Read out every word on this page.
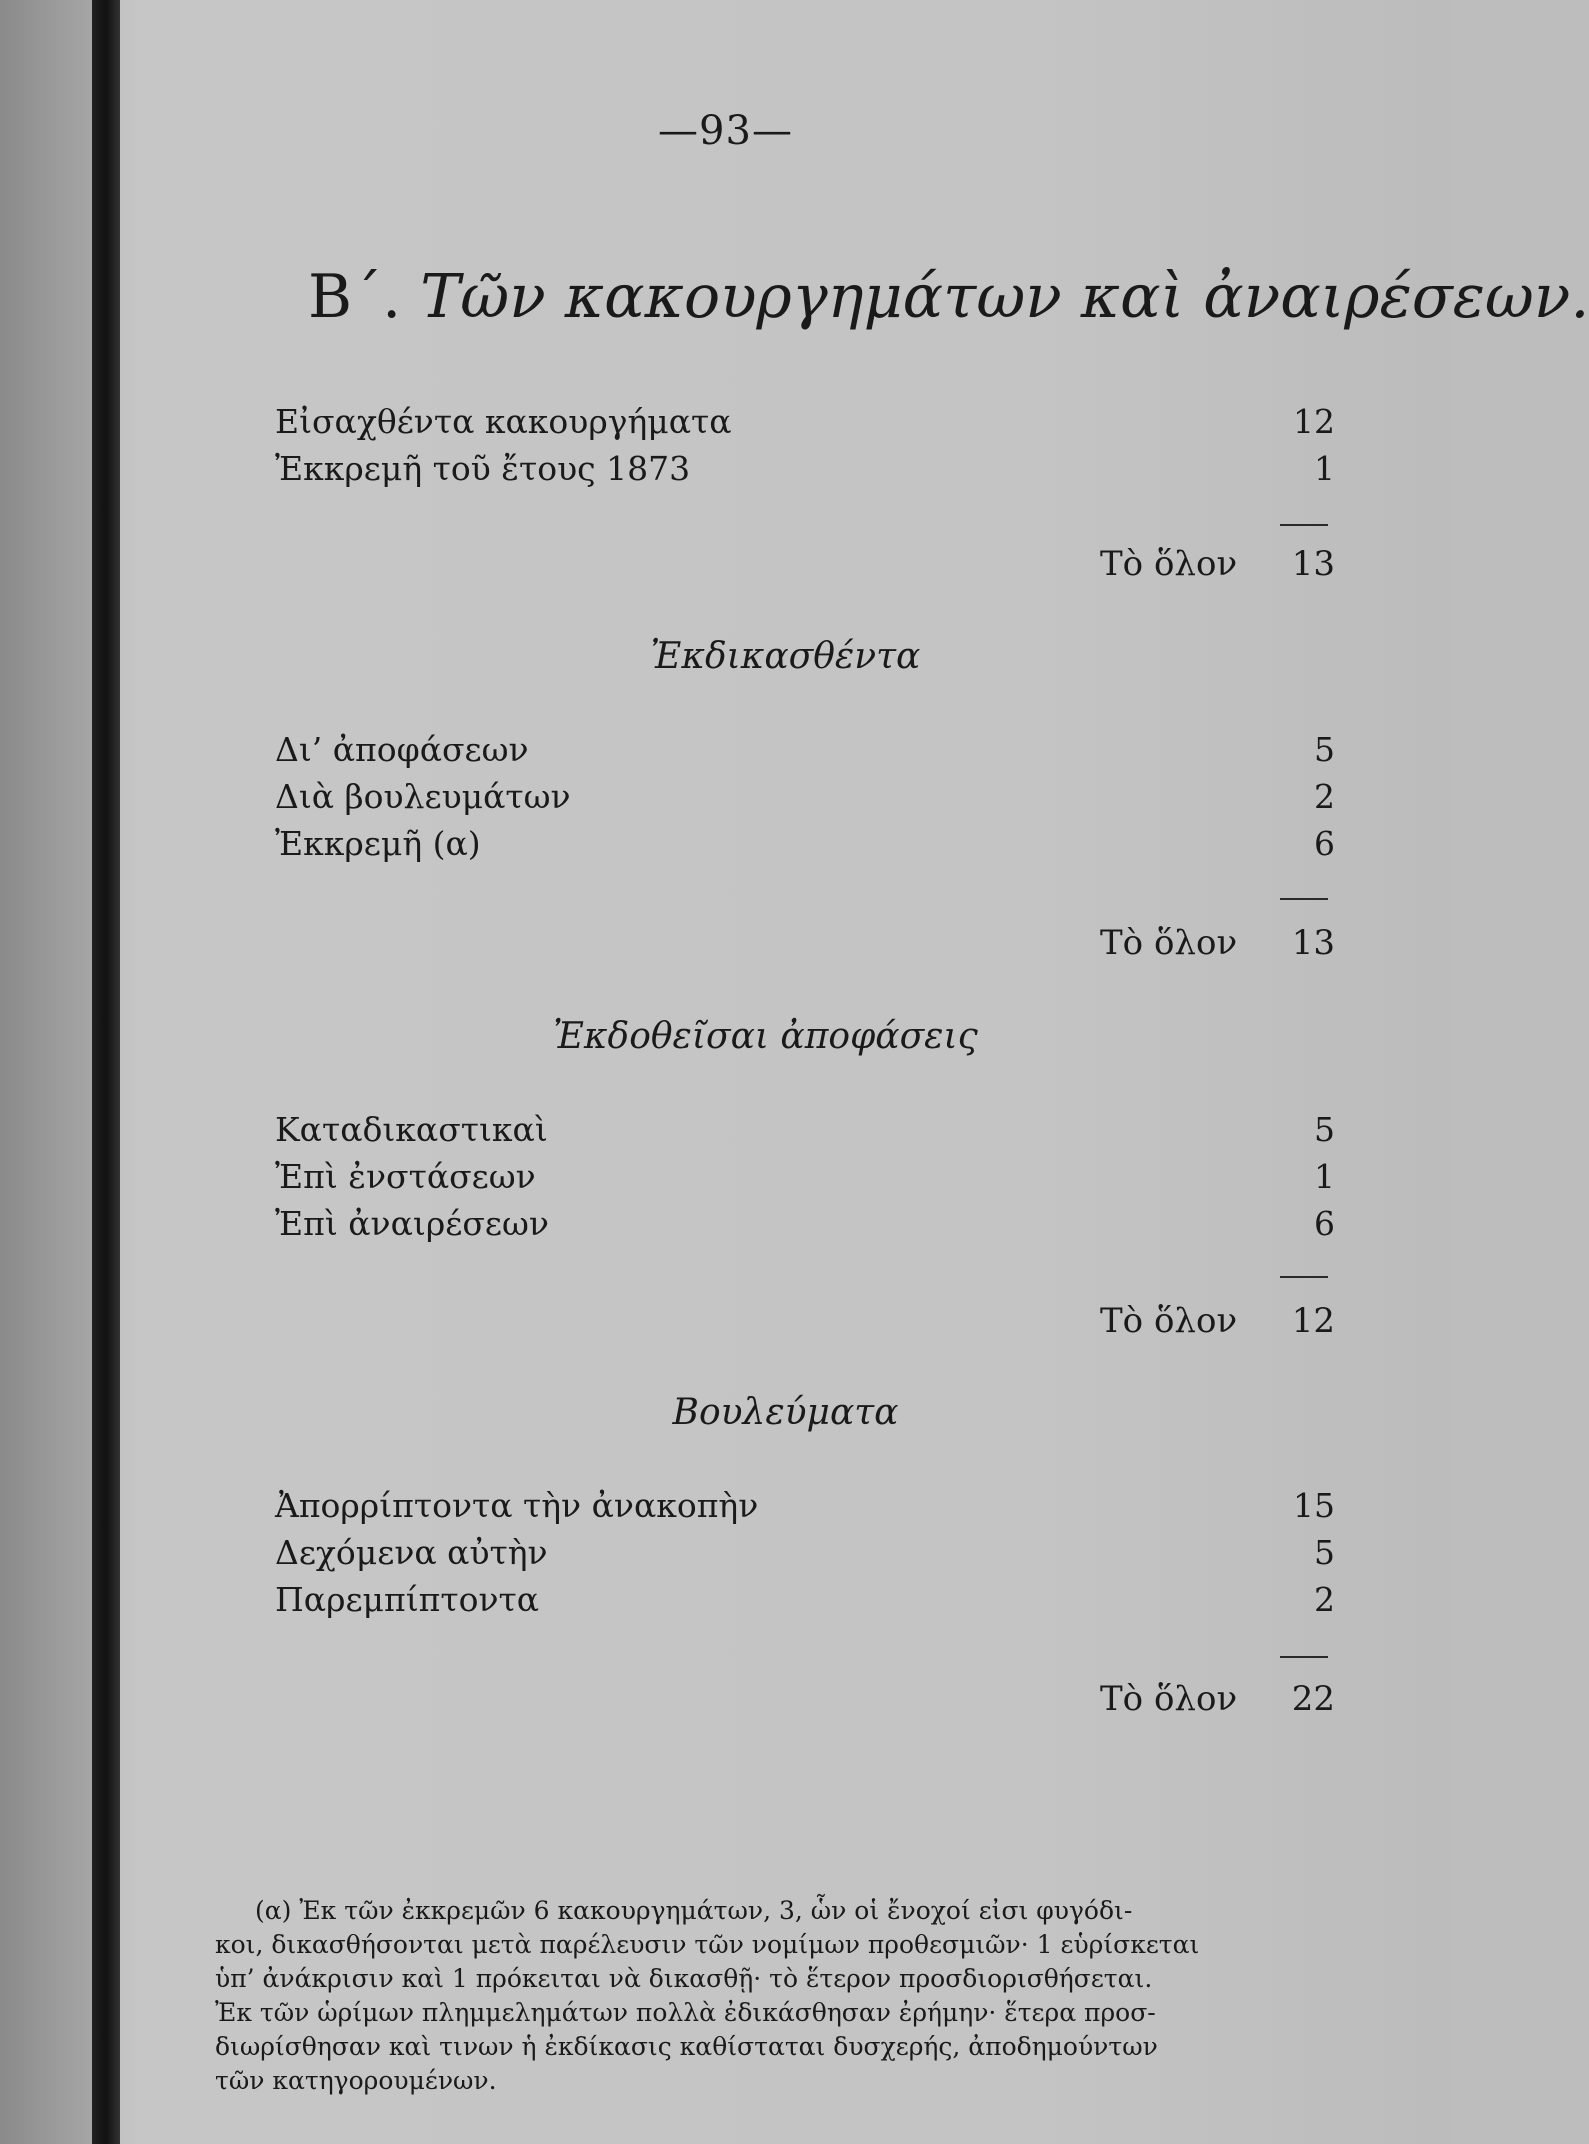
—93—
B΄. Τῶν κακουργημάτων καὶ ἀναιρέσεων.
Εἰσαχθέντα κακουργήματα	12
Ἐκκρεμῆ τοῦ ἔτους 1873	1
Τὸ ὅλον 13
Ἐκδικασθέντα
Δι’ ἀποφάσεων	5
Διὰ βουλευμάτων	2
Ἐκκρεμῆ (α)	6
Τὸ ὅλον 13
Ἐκδοθεῖσαι ἀποφάσεις
Καταδικαστικαὶ	5
Ἐπὶ ἐνστάσεων	1
Ἐπὶ ἀναιρέσεων	6
Τὸ ὅλον 12
Βουλεύματα
Ἀπορρίπτοντα τὴν ἀνακοπὴν	15
Δεχόμενα αὐτὴν	5
Παρεμπίπτοντα	2
Τὸ ὅλον 22
(α) Ἐκ τῶν ἐκκρεμῶν 6 κακουργημάτων, 3, ὧν οἱ ἔνοχοί εἰσι φυγόδι-
κοι, δικασθήσονται μετὰ παρέλευσιν τῶν νομίμων προθεσμιῶν· 1 εὑρίσκεται
ὑπ’ ἀνάκρισιν καὶ 1 πρόκειται νὰ δικασθῇ· τὸ ἕτερον προσδιορισθήσεται.
Ἐκ τῶν ὡρίμων πλημμελημάτων πολλὰ ἐδικάσθησαν ἐρήμην· ἕτερα προσ-
διωρίσθησαν καὶ τινων ἡ ἐκδίκασις καθίσταται δυσχερής, ἀποδημούντων
τῶν κατηγορουμένων.
